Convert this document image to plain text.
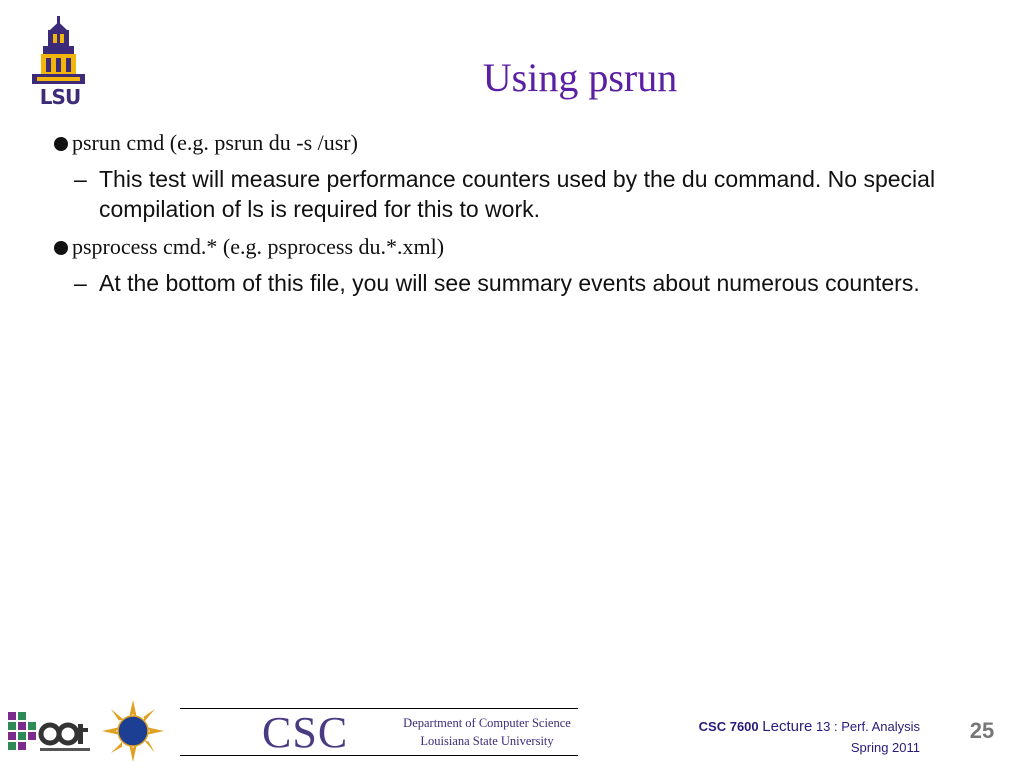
LSU	Using psrun
psrun cmd (e.g. psrun du -s /usr)
– This test will measure performance counters used by the du command. No special compilation of ls is required for this to work.
psprocess cmd.* (e.g. psprocess du.*.xml)
– At the bottom of this file, you will see summary events about numerous counters.
CSC	Department of Computer Science
Louisiana State University
CSC 7600 Lecture 13 : Perf. Analysis
Spring 2011
25
